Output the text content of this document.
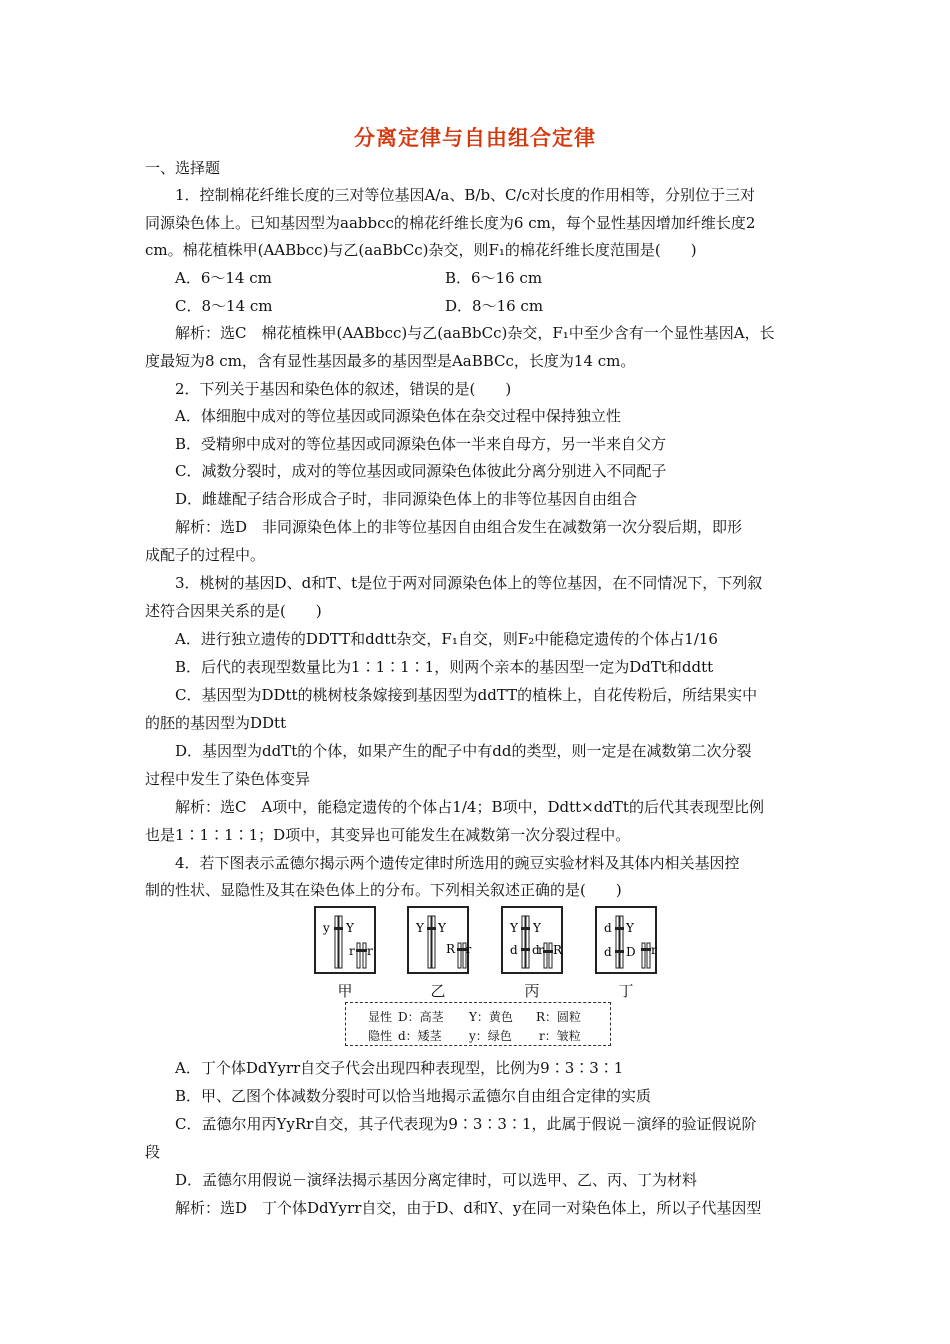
分离定律与自由组合定律
一、选择题
1．控制棉花纤维长度的三对等位基因A/a、B/b、C/c对长度的作用相等，分别位于三对
同源染色体上。已知基因型为aabbcc的棉花纤维长度为6 cm，每个显性基因增加纤维长度2
cm。棉花植株甲(AABbcc)与乙(aaBbCc)杂交，则F₁的棉花纤维长度范围是(　　)
A．6～14 cm	B．6～16 cm
C．8～14 cm	D．8～16 cm
解析：选C　棉花植株甲(AABbcc)与乙(aaBbCc)杂交，F₁中至少含有一个显性基因A，长
度最短为8 cm，含有显性基因最多的基因型是AaBBCc，长度为14 cm。
2．下列关于基因和染色体的叙述，错误的是(　　)
A．体细胞中成对的等位基因或同源染色体在杂交过程中保持独立性
B．受精卵中成对的等位基因或同源染色体一半来自母方，另一半来自父方
C．减数分裂时，成对的等位基因或同源染色体彼此分离分别进入不同配子
D．雌雄配子结合形成合子时，非同源染色体上的非等位基因自由组合
解析：选D　非同源染色体上的非等位基因自由组合发生在减数第一次分裂后期，即形
成配子的过程中。
3．桃树的基因D、d和T、t是位于两对同源染色体上的等位基因，在不同情况下，下列叙
述符合因果关系的是(　　)
A．进行独立遗传的DDTT和ddtt杂交，F₁自交，则F₂中能稳定遗传的个体占1/16
B．后代的表现型数量比为1∶1∶1∶1，则两个亲本的基因型一定为DdTt和ddtt
C．基因型为DDtt的桃树枝条嫁接到基因型为ddTT的植株上，自花传粉后，所结果实中
的胚的基因型为DDtt
D．基因型为ddTt的个体，如果产生的配子中有dd的类型，则一定是在减数第二次分裂
过程中发生了染色体变异
解析：选C　A项中，能稳定遗传的个体占1/4；B项中，Ddtt×ddTt的后代其表现型比例
也是1∶1∶1∶1；D项中，其变异也可能发生在减数第一次分裂过程中。
4．若下图表示孟德尔揭示两个遗传定律时所选用的豌豆实验材料及其体内相关基因控
制的性状、显隐性及其在染色体上的分布。下列相关叙述正确的是(　　)
y Y
r r
甲
Y Y
R r
乙
Y Y
d d
r R
丙
d Y
D
d	r
丁
显性 D：高茎 Y：黄色 R：圆粒
隐性 d：矮茎 y：绿色 r：皱粒
A．丁个体DdYyrr自交子代会出现四种表现型，比例为9∶3∶3∶1
B．甲、乙图个体减数分裂时可以恰当地揭示孟德尔自由组合定律的实质
C．孟德尔用丙YyRr自交，其子代表现为9∶3∶3∶1，此属于假说－演绎的验证假说阶
段
D．孟德尔用假说－演绎法揭示基因分离定律时，可以选甲、乙、丙、丁为材料
解析：选D　丁个体DdYyrr自交，由于D、d和Y、y在同一对染色体上，所以子代基因型
